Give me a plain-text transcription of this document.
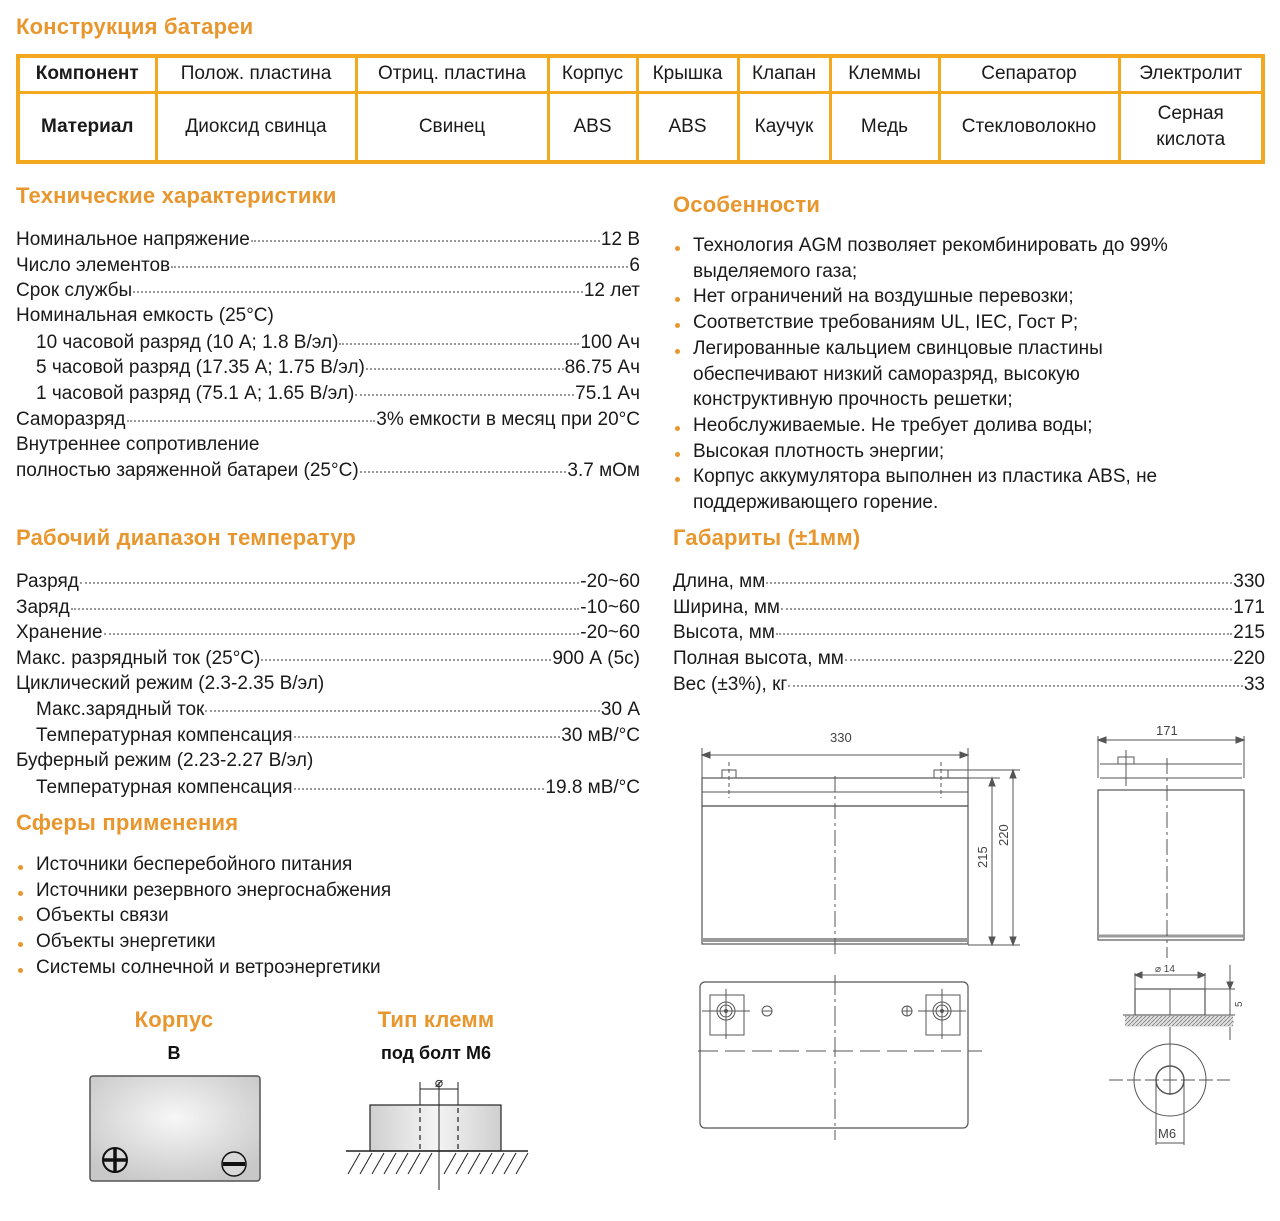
Конструкция батареи
Компонент	Полож. пластина	Отриц. пластина	Корпус	Крышка	Клапан	Клеммы	Сепаратор	Электролит
Материал	Диоксид свинца	Свинец	ABS	ABS	Каучук	Медь	Стекловолокно	Серная кислота
Технические характеристики
Номинальное напряжение	12 В
Число элементов	6
Срок службы	12 лет
Номинальная емкость (25°C)
10 часовой разряд (10 А; 1.8 В/эл)	100 Ач
5 часовой разряд (17.35 А; 1.75 В/эл)	86.75 Ач
1 часовой разряд (75.1 А; 1.65 В/эл)	75.1 Ач
Саморазряд	3% емкости в месяц при 20°C
Внутреннее сопротивление
полностью заряженной батареи (25°C)	3.7 мОм
Особенности
Технология AGM позволяет рекомбинировать до 99% выделяемого газа;
Нет ограничений на воздушные перевозки;
Соответствие требованиям UL, IEC, Гост Р;
Легированные кальцием свинцовые пластины обеспечивают низкий саморазряд, высокую конструктивную прочность решетки;
Необслуживаемые. Не требует долива воды;
Высокая плотность энергии;
Корпус аккумулятора выполнен из пластика ABS, не поддерживающего горение.
Рабочий диапазон температур
Разряд	-20~60
Заряд	-10~60
Хранение	-20~60
Макс. разрядный ток (25°C)	900 А (5с)
Циклический режим (2.3-2.35 В/эл)
Макс.зарядный ток	30 А
Температурная компенсация	30 мВ/°C
Буферный режим (2.23-2.27 В/эл)
Температурная компенсация	19.8 мВ/°C
Габариты (±1мм)
Длина, мм	330
Ширина, мм	171
Высота, мм	215
Полная высота, мм	220
Вес (±3%), кг	33
Сферы применения
Источники бесперебойного питания
Источники резервного энергоснабжения
Объекты связи
Объекты энергетики
Системы солнечной и ветроэнергетики
Корпус
B
Тип клемм
под болт M6
⌀
330
215
220
171
⌀ 14
5
M6
